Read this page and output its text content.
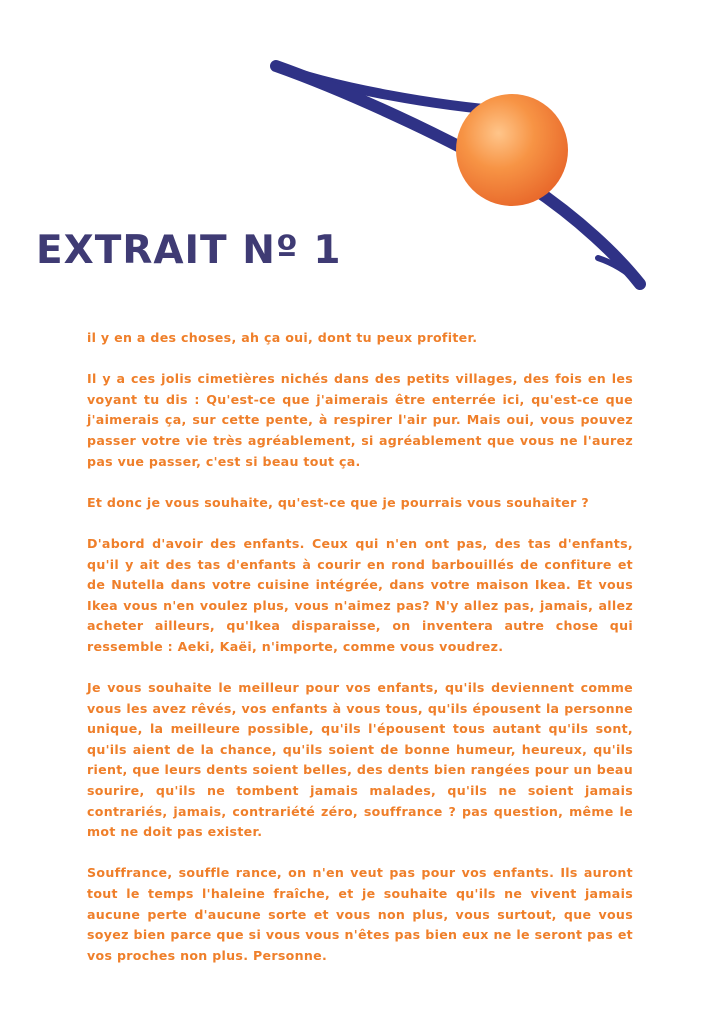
EXTRAIT Nº 1

il y en a des choses, ah ça oui, dont tu peux profiter.

Il y a ces jolis cimetières nichés dans des petits villages, des fois en les voyant tu dis : Qu'est-ce que j'aimerais être enterrée ici, qu'est-ce que j'aimerais ça, sur cette pente, à respirer l'air pur. Mais oui, vous pouvez passer votre vie très agréablement, si agréablement que vous ne l'aurez pas vue passer, c'est si beau tout ça.

Et donc je vous souhaite, qu'est-ce que je pourrais vous souhaiter ?

D'abord d'avoir des enfants. Ceux qui n'en ont pas, des tas d'enfants, qu'il y ait des tas d'enfants à courir en rond barbouillés de confiture et de Nutella dans votre cuisine intégrée, dans votre maison Ikea. Et vous Ikea vous n'en voulez plus, vous n'aimez pas? N'y allez pas, jamais, allez acheter ailleurs, qu'Ikea disparaisse, on inventera autre chose qui ressemble : Aeki, Kaëi, n'importe, comme vous voudrez.

Je vous souhaite le meilleur pour vos enfants, qu'ils deviennent comme vous les avez rêvés, vos enfants à vous tous, qu'ils épousent la personne unique, la meilleure possible, qu'ils l'épousent tous autant qu'ils sont, qu'ils aient de la chance, qu'ils soient de bonne humeur, heureux, qu'ils rient, que leurs dents soient belles, des dents bien rangées pour un beau sourire, qu'ils ne tombent jamais malades, qu'ils ne soient jamais contrariés, jamais, contrariété zéro, souffrance ? pas question, même le mot ne doit pas exister.

Souffrance, souffle rance, on n'en veut pas pour vos enfants. Ils auront tout le temps l'haleine fraîche, et je souhaite qu'ils ne vivent jamais aucune perte d'aucune sorte et vous non plus, vous surtout, que vous soyez bien parce que si vous vous n'êtes pas bien eux ne le seront pas et vos proches non plus. Personne.
